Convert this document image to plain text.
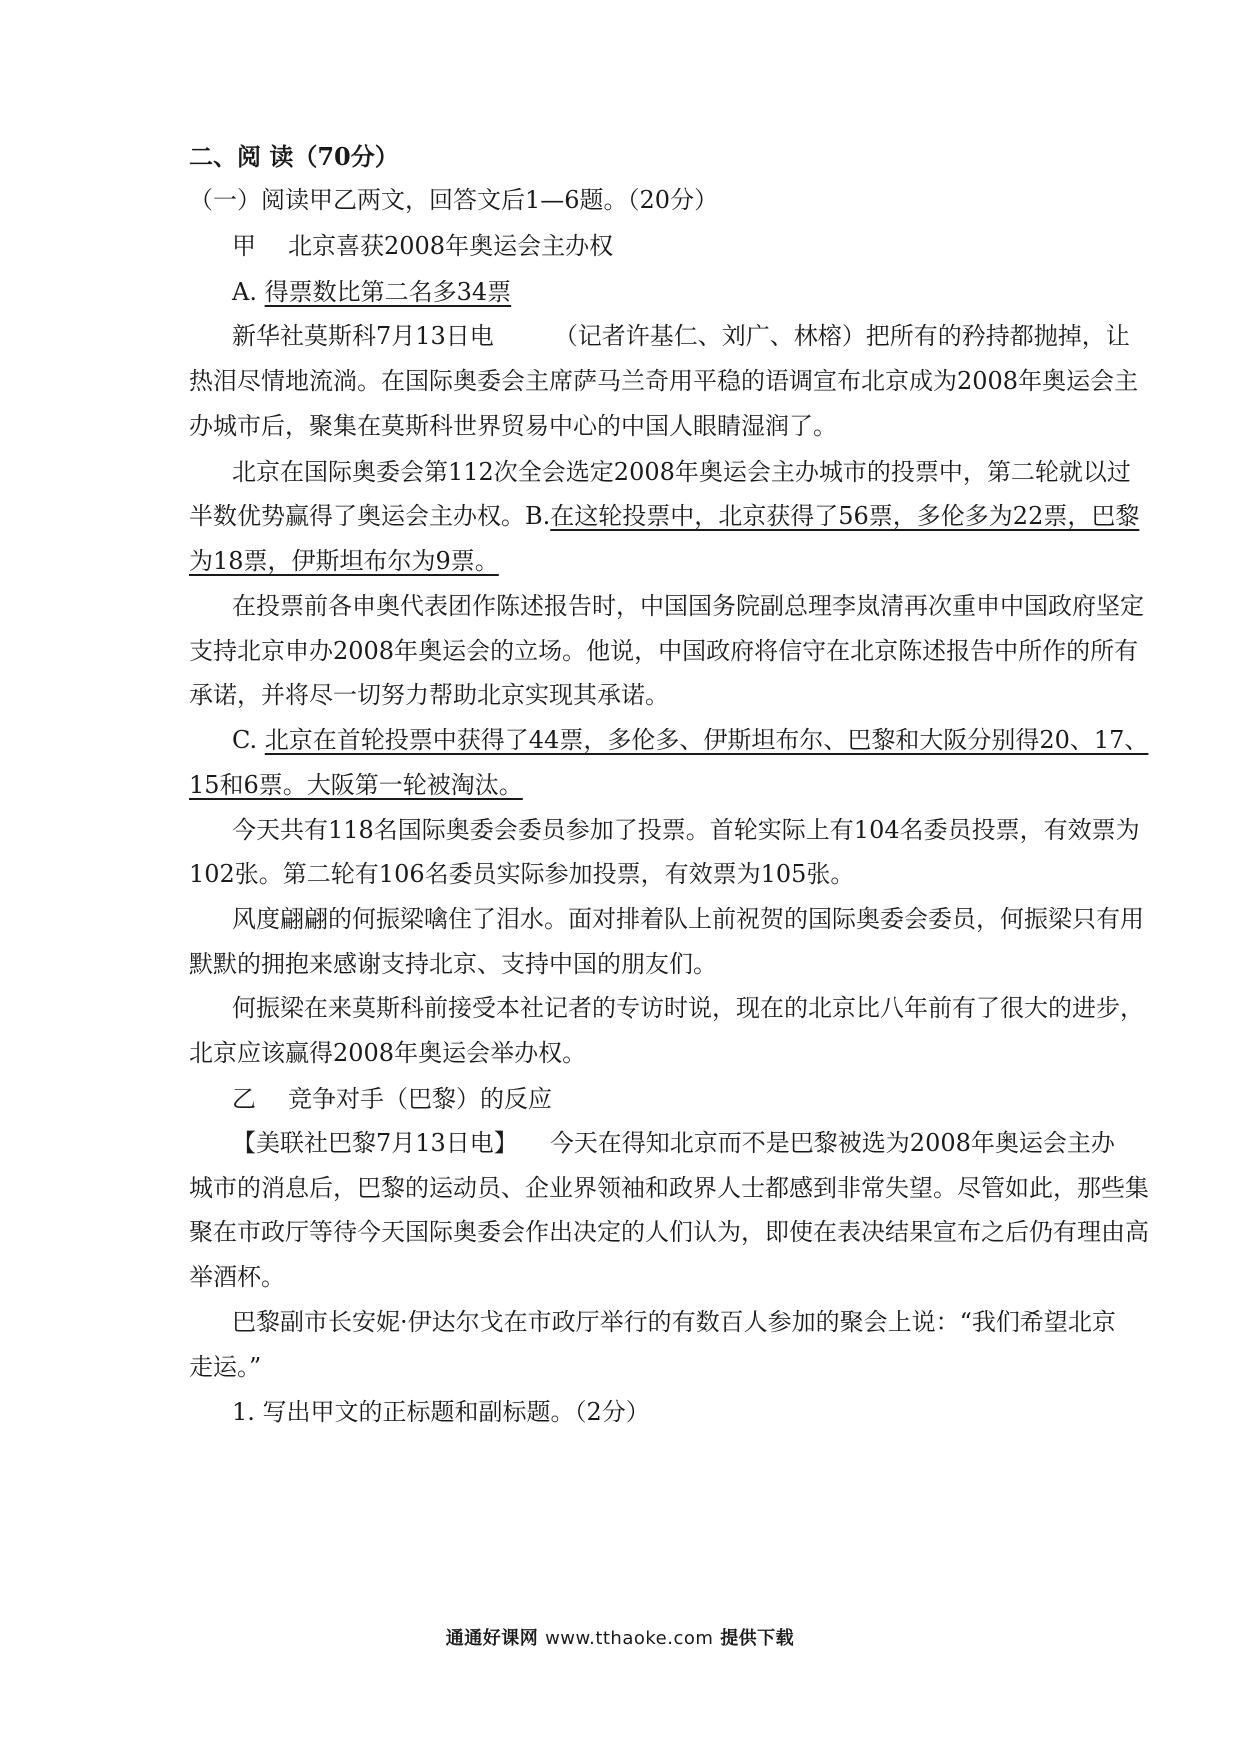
二、阅 读（70分）
（一）阅读甲乙两文，回答文后1—6题。（20分）
甲 北京喜获2008年奥运会主办权
A. 得票数比第二名多34票
新华社莫斯科7月13日电	（记者许基仁、刘广、林榕）把所有的矜持都抛掉，让
热泪尽情地流淌。在国际奥委会主席萨马兰奇用平稳的语调宣布北京成为2008年奥运会主
办城市后，聚集在莫斯科世界贸易中心的中国人眼睛湿润了。
北京在国际奥委会第112次全会选定2008年奥运会主办城市的投票中，第二轮就以过
半数优势赢得了奥运会主办权。B.在这轮投票中，北京获得了56票，多伦多为22票，巴黎
为18票，伊斯坦布尔为9票。
在投票前各申奥代表团作陈述报告时，中国国务院副总理李岚清再次重申中国政府坚定
支持北京申办2008年奥运会的立场。他说，中国政府将信守在北京陈述报告中所作的所有
承诺，并将尽一切努力帮助北京实现其承诺。
C. 北京在首轮投票中获得了44票，多伦多、伊斯坦布尔、巴黎和大阪分别得20、17、
15和6票。大阪第一轮被淘汰。
今天共有118名国际奥委会委员参加了投票。首轮实际上有104名委员投票，有效票为
102张。第二轮有106名委员实际参加投票，有效票为105张。
风度翩翩的何振梁噙住了泪水。面对排着队上前祝贺的国际奥委会委员，何振梁只有用
默默的拥抱来感谢支持北京、支持中国的朋友们。
何振梁在来莫斯科前接受本社记者的专访时说，现在的北京比八年前有了很大的进步，
北京应该赢得2008年奥运会举办权。
乙 竞争对手（巴黎）的反应
【美联社巴黎7月13日电】 今天在得知北京而不是巴黎被选为2008年奥运会主办
城市的消息后，巴黎的运动员、企业界领袖和政界人士都感到非常失望。尽管如此，那些集
聚在市政厅等待今天国际奥委会作出决定的人们认为，即使在表决结果宣布之后仍有理由高
举酒杯。
巴黎副市长安妮·伊达尔戈在市政厅举行的有数百人参加的聚会上说：“我们希望北京
走运。”
1. 写出甲文的正标题和副标题。（2分）
通通好课网 www.tthaoke.com 提供下载
